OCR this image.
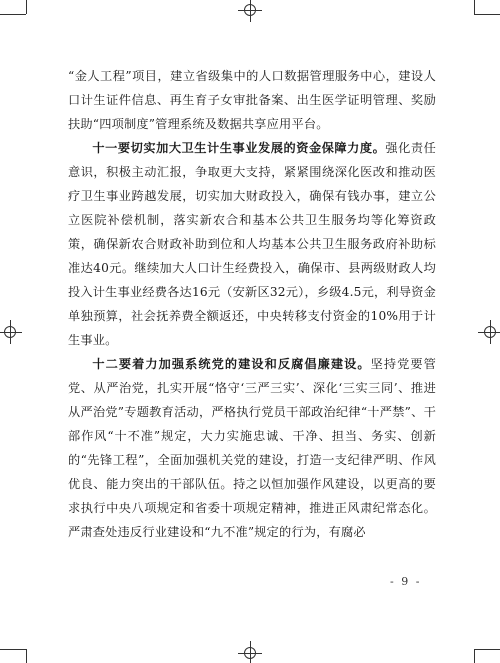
“金人工程”项目，建立省级集中的人口数据管理服务中心，建设人口计生证件信息、再生育子女审批备案、出生医学证明管理、奖励扶助“四项制度”管理系统及数据共享应用平台。

十一要切实加大卫生计生事业发展的资金保障力度。强化责任意识，积极主动汇报，争取更大支持，紧紧围绕深化医改和推动医疗卫生事业跨越发展，切实加大财政投入，确保有钱办事，建立公立医院补偿机制，落实新农合和基本公共卫生服务均等化筹资政策，确保新农合财政补助到位和人均基本公共卫生服务政府补助标准达40元。继续加大人口计生经费投入，确保市、县两级财政人均投入计生事业经费各达16元（安新区32元），乡级4.5元，利导资金单独预算，社会抚养费全额返还，中央转移支付资金的10%用于计生事业。

十二要着力加强系统党的建设和反腐倡廉建设。坚持党要管党、从严治党，扎实开展“恪守‘三严三实’、深化‘三实三同’、推进从严治党”专题教育活动，严格执行党员干部政治纪律“十严禁”、干部作风“十不准”规定，大力实施忠诚、干净、担当、务实、创新的“先锋工程”，全面加强机关党的建设，打造一支纪律严明、作风优良、能力突出的干部队伍。持之以恒加强作风建设，以更高的要求执行中央八项规定和省委十项规定精神，推进正风肃纪常态化。严肃查处违反行业建设和“九不准”规定的行为，有腐必

- 9 -
